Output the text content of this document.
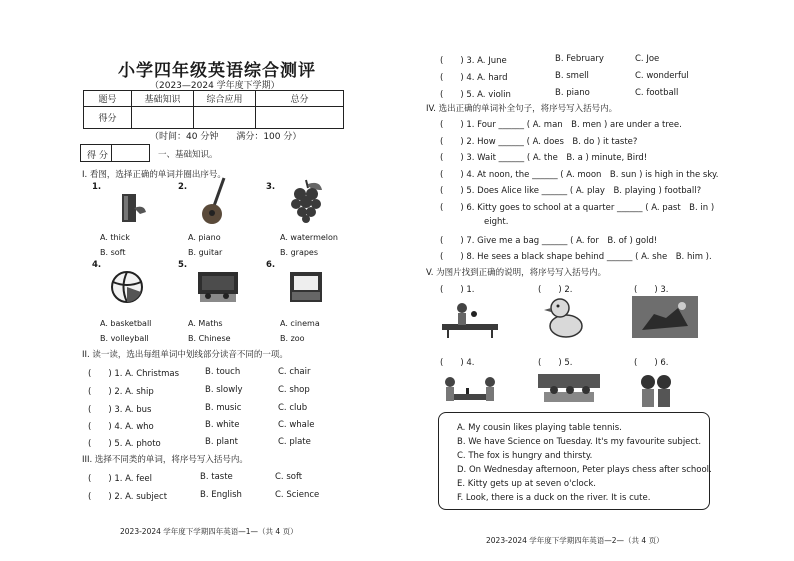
小学四年级英语综合测评
（2023—2024 学年度下学期）
题号	基础知识	综合应用	总分
得分			
（时间：40 分钟　　满分：100 分）
得 分	一、基础知识。
I. 看图，选择正确的单词并圈出序号。
1.
A. thick
B. soft
2.
A. piano
B. guitar
3.
A. watermelon
B. grapes
4.
A. basketball
B. volleyball
5.
A. Maths
B. Chinese
6.
A. cinema
B. zoo
II. 读一读，选出每组单词中划线部分读音不同的一项。
(　　) 1. A. Christmas	B. touch	C. chair
(　　) 2. A. ship	B. slowly	C. shop
(　　) 3. A. bus	B. music	C. club
(　　) 4. A. who	B. white	C. whale
(　　) 5. A. photo	B. plant	C. plate
III. 选择不同类的单词，将序号写入括号内。
(　　) 1. A. feel	B. taste	C. soft
(　　) 2. A. subject	B. English	C. Science
2023-2024 学年度下学期四年英语—1—（共 4 页）
(　　) 3. A. June	B. February	C. Joe
(　　) 4. A. hard	B. smell	C. wonderful
(　　) 5. A. violin	B. piano	C. football
IV. 选出正确的单词补全句子，将序号写入括号内。
(　　) 1. Four ______ ( A. man　B. men ) are under a tree.
(　　) 2. How ______ ( A. does　B. do ) it taste?
(　　) 3. Wait ______ ( A. the　B. a ) minute, Bird!
(　　) 4. At noon, the ______ ( A. moon　B. sun ) is high in the sky.
(　　) 5. Does Alice like ______ ( A. play　B. playing ) football?
(　　) 6. Kitty goes to school at a quarter ______ ( A. past　B. in )
eight.
(　　) 7. Give me a bag ______ ( A. for　B. of ) gold!
(　　) 8. He sees a black shape behind ______ ( A. she　B. him ).
V. 为图片找到正确的说明，将序号写入括号内。
(　　) 1.	(　　) 2.	(　　) 3.
(　　) 4.	(　　) 5.	(　　) 6.
A. My cousin likes playing table tennis.
B. We have Science on Tuesday. It's my favourite subject.
C. The fox is hungry and thirsty.
D. On Wednesday afternoon, Peter plays chess after school.
E. Kitty gets up at seven o'clock.
F. Look, there is a duck on the river. It is cute.
2023-2024 学年度下学期四年英语—2—（共 4 页）
